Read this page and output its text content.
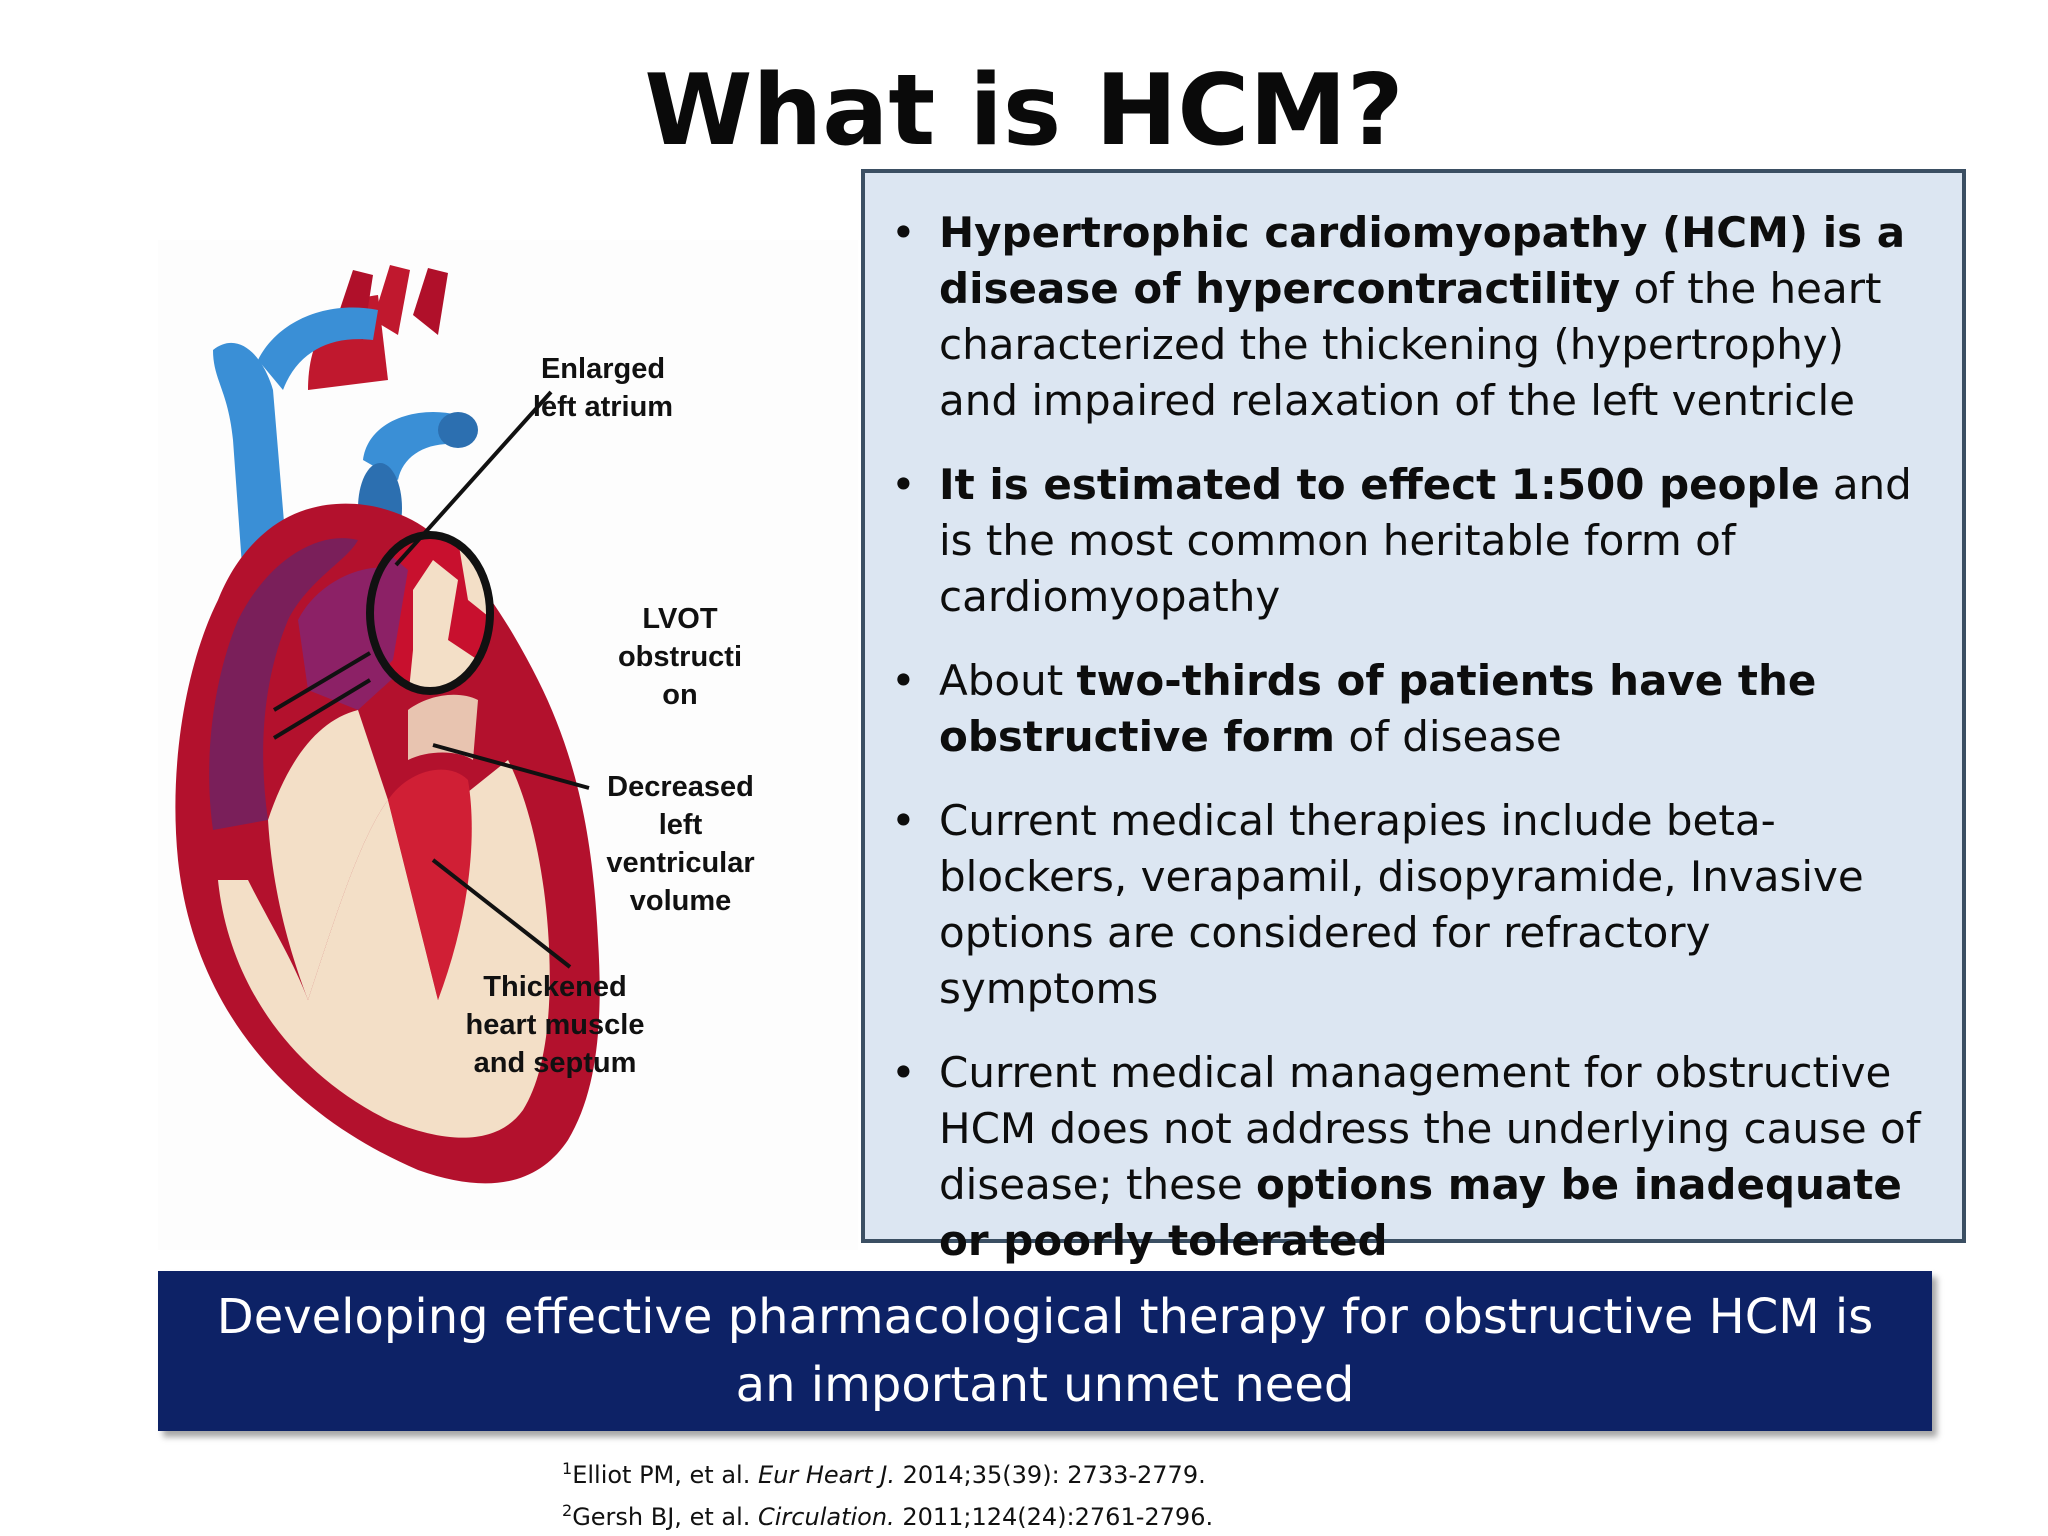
What is HCM?
Enlarged left atrium
LVOT obstructi on
Decreased left ventricular volume
Thickened heart muscle and septum
• Hypertrophic cardiomyopathy (HCM) is a disease of hypercontractility of the heart characterized the thickening (hypertrophy) and impaired relaxation of the left ventricle
• It is estimated to effect 1:500 people and is the most common heritable form of cardiomyopathy
• About two-thirds of patients have the obstructive form of disease
• Current medical therapies include beta-blockers, verapamil, disopyramide, Invasive options are considered for refractory symptoms
• Current medical management for obstructive HCM does not address the underlying cause of disease; these options may be inadequate or poorly tolerated
Developing effective pharmacological therapy for obstructive HCM is an important unmet need
$^1$Elliot PM, et al. Eur Heart J. 2014;35(39): 2733-2779.
$^2$Gersh BJ, et al. Circulation. 2011;124(24):2761-2796.
